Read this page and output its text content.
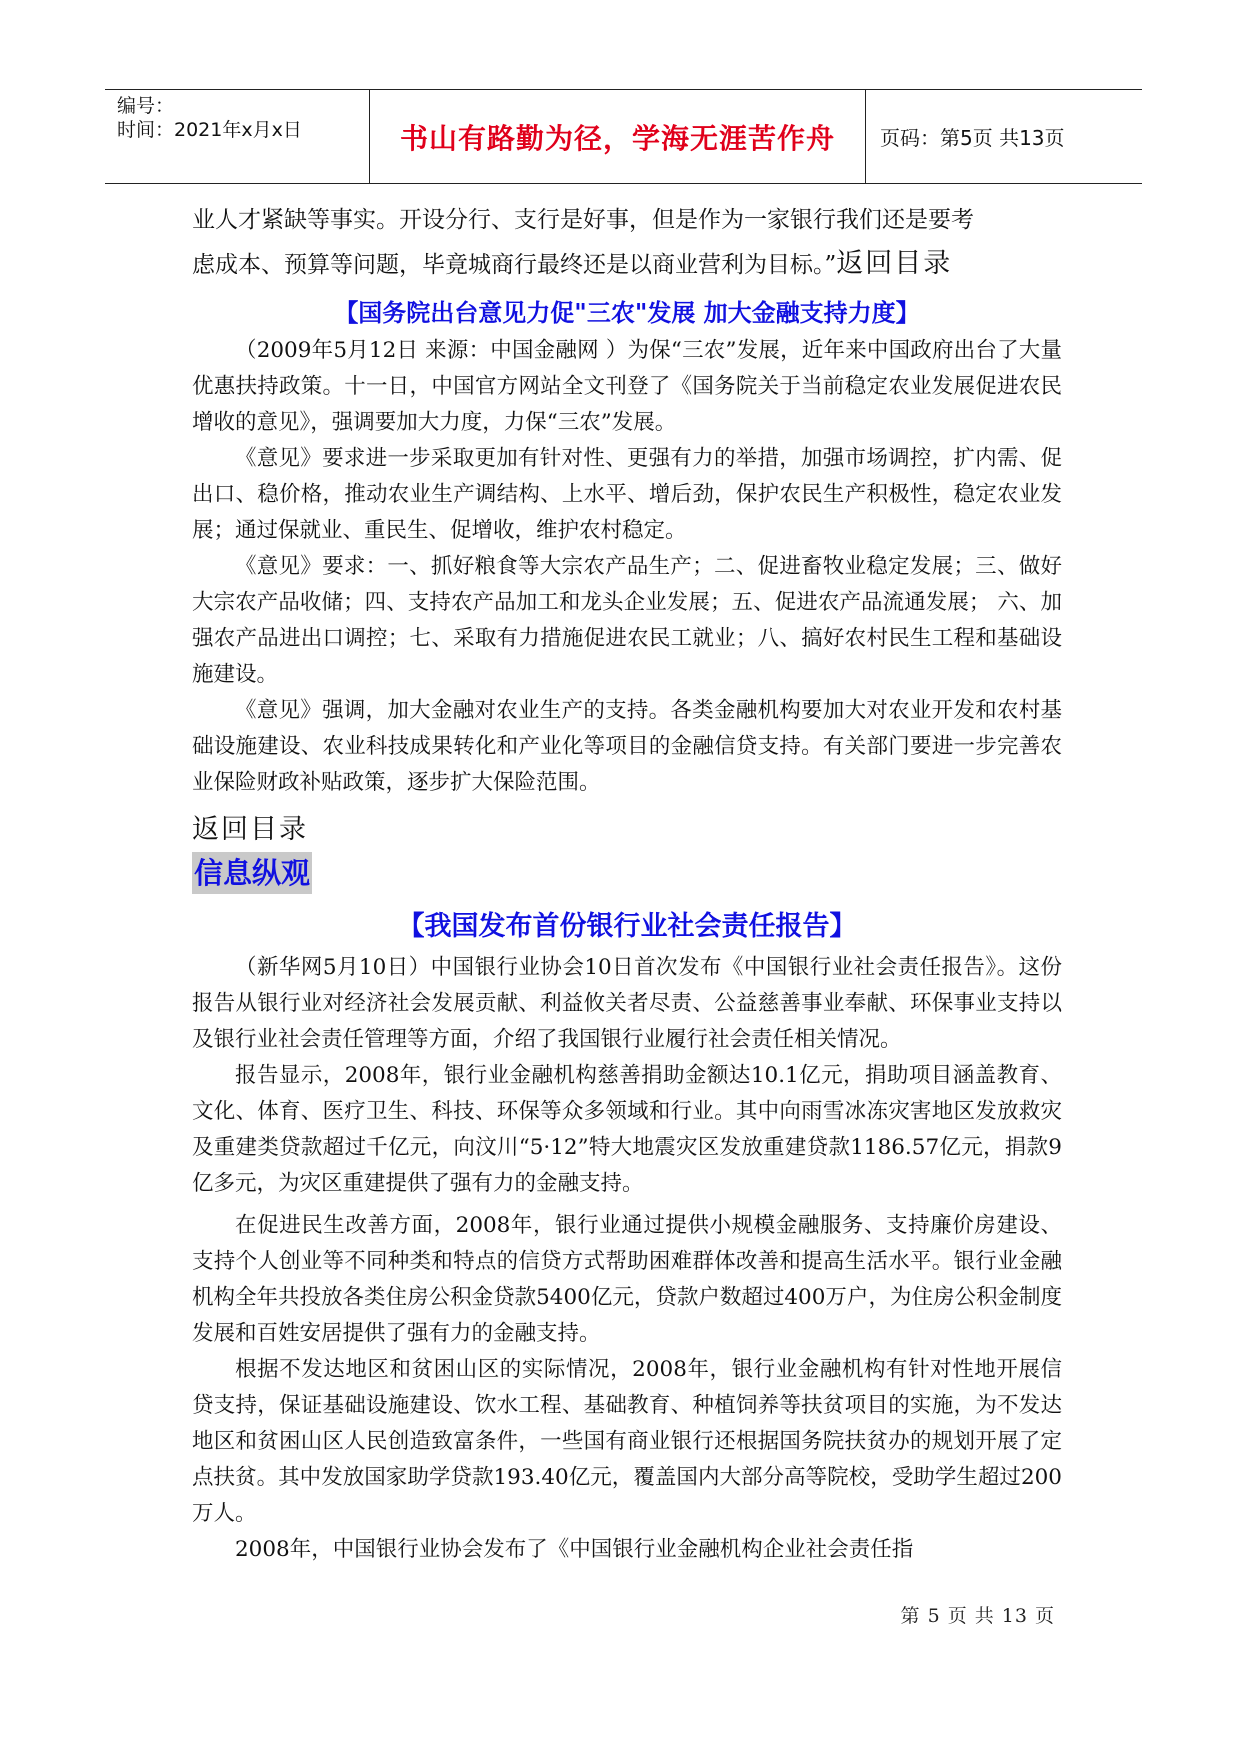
编号：
时间：2021年x月x日	书山有路勤为径，学海无涯苦作舟	页码：第5页 共13页

业人才紧缺等事实。开设分行、支行是好事，但是作为一家银行我们还是要考

虑成本、预算等问题，毕竟城商行最终还是以商业营利为目标。”返回目录

【国务院出台意见力促"三农"发展 加大金融支持力度】

（2009年5月12日 来源：中国金融网 ）为保“三农”发展，近年来中国政府出台了大量优惠扶持政策。十一日，中国官方网站全文刊登了《国务院关于当前稳定农业发展促进农民增收的意见》，强调要加大力度，力保“三农”发展。

《意见》要求进一步采取更加有针对性、更强有力的举措，加强市场调控，扩内需、促出口、稳价格，推动农业生产调结构、上水平、增后劲，保护农民生产积极性，稳定农业发展；通过保就业、重民生、促增收，维护农村稳定。

《意见》要求：一、抓好粮食等大宗农产品生产；二、促进畜牧业稳定发展；三、做好大宗农产品收储；四、支持农产品加工和龙头企业发展；五、促进农产品流通发展； 六、加强农产品进出口调控；七、采取有力措施促进农民工就业；八、搞好农村民生工程和基础设施建设。

《意见》强调，加大金融对农业生产的支持。各类金融机构要加大对农业开发和农村基础设施建设、农业科技成果转化和产业化等项目的金融信贷支持。有关部门要进一步完善农业保险财政补贴政策，逐步扩大保险范围。

返回目录
信息纵观
【我国发布首份银行业社会责任报告】

（新华网5月10日）中国银行业协会10日首次发布《中国银行业社会责任报告》。这份报告从银行业对经济社会发展贡献、利益攸关者尽责、公益慈善事业奉献、环保事业支持以及银行业社会责任管理等方面，介绍了我国银行业履行社会责任相关情况。

报告显示，2008年，银行业金融机构慈善捐助金额达10.1亿元，捐助项目涵盖教育、文化、体育、医疗卫生、科技、环保等众多领域和行业。其中向雨雪冰冻灾害地区发放救灾及重建类贷款超过千亿元，向汶川“5·12”特大地震灾区发放重建贷款1186.57亿元，捐款9亿多元，为灾区重建提供了强有力的金融支持。

在促进民生改善方面，2008年，银行业通过提供小规模金融服务、支持廉价房建设、支持个人创业等不同种类和特点的信贷方式帮助困难群体改善和提高生活水平。银行业金融机构全年共投放各类住房公积金贷款5400亿元，贷款户数超过400万户，为住房公积金制度发展和百姓安居提供了强有力的金融支持。

根据不发达地区和贫困山区的实际情况，2008年，银行业金融机构有针对性地开展信贷支持，保证基础设施建设、饮水工程、基础教育、种植饲养等扶贫项目的实施，为不发达地区和贫困山区人民创造致富条件，一些国有商业银行还根据国务院扶贫办的规划开展了定点扶贫。其中发放国家助学贷款193.40亿元，覆盖国内大部分高等院校，受助学生超过200万人。

2008年，中国银行业协会发布了《中国银行业金融机构企业社会责任指

第 5 页 共 13 页
